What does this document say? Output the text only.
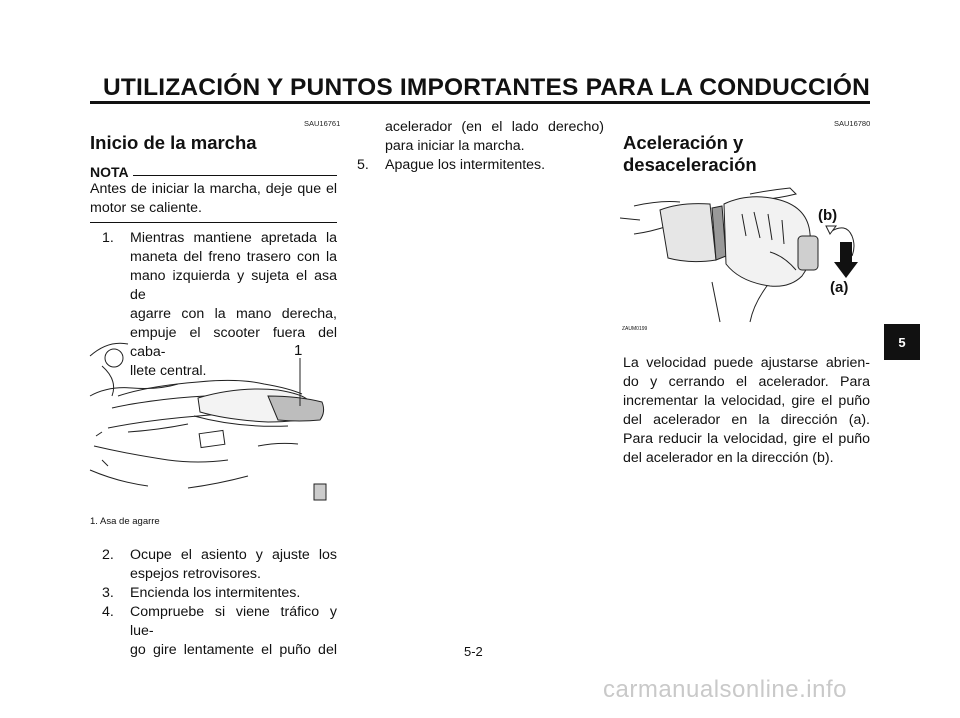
UTILIZACIÓN Y PUNTOS IMPORTANTES PARA LA CONDUCCIÓN
SAU16761
Inicio de la marcha
NOTA
Antes de iniciar la marcha, deje que el
motor se caliente.
1. Mientras mantiene apretada la
maneta del freno trasero con la
mano izquierda y sujeta el asa de
agarre con la mano derecha,
empuje el scooter fuera del caba-
llete central.
1
1. Asa de agarre
2. Ocupe el asiento y ajuste los
espejos retrovisores.
3. Encienda los intermitentes.
4. Compruebe si viene tráfico y lue-
go gire lentamente el puño del
acelerador (en el lado derecho)
para iniciar la marcha.
5. Apague los intermitentes.
SAU16780
Aceleración y
desaceleración
(b)
(a)
ZAUM0199
La velocidad puede ajustarse abrien-
do y cerrando el acelerador. Para
incrementar la velocidad, gire el puño
del acelerador en la dirección (a).
Para reducir la velocidad, gire el puño
del acelerador en la dirección (b).
5
5-2
carmanualsonline.info
